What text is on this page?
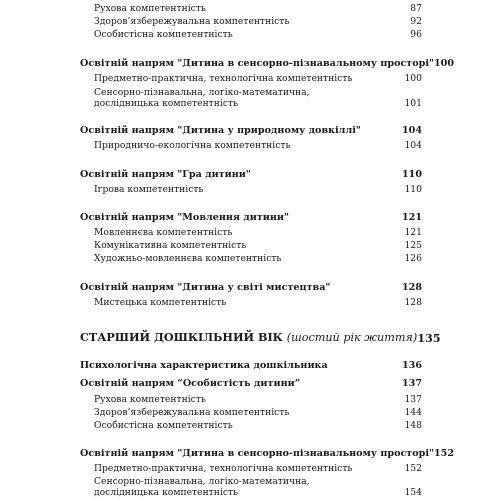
Рухова компетентність	87
Здоров’язбережувальна компетентність	92
Особистісна компетентність	96
Освітній напрям "Дитина в сенсорно-пізнавальному просторі" 100
Предметно-практична, технологічна компетентність	100
Сенсорно-пізнавальна, логіко-математична,
дослідницька компетентність	101
Освітній напрям "Дитина у природному довкіллі"	104
Природничо-екологічна компетентність	104
Освітній напрям "Гра дитини"	110
Ігрова компетентність	110
Освітній напрям "Мовлення дитини"	121
Мовленнєва компетентність	121
Комунікативна компетентність	125
Художньо-мовленнєва компетентність	126
Освітній напрям "Дитина у світі мистецтва"	128
Мистецька компетентність	128
СТАРШИЙ ДОШКІЛЬНИЙ ВІК (шостий рік життя) 135
Психологічна характеристика дошкільника	136
Освітній напрям “Особистість дитини”	137
Рухова компетентність	137
Здоров’язбережувальна компетентність	144
Особистісна компетентність	148
Освітній напрям "Дитина в сенсорно-пізнавальному просторі" 152
Предметно-практична, технологічна компетентність	152
Сенсорно-пізнавальна, логіко-математична,
дослідницька компетентність	154
